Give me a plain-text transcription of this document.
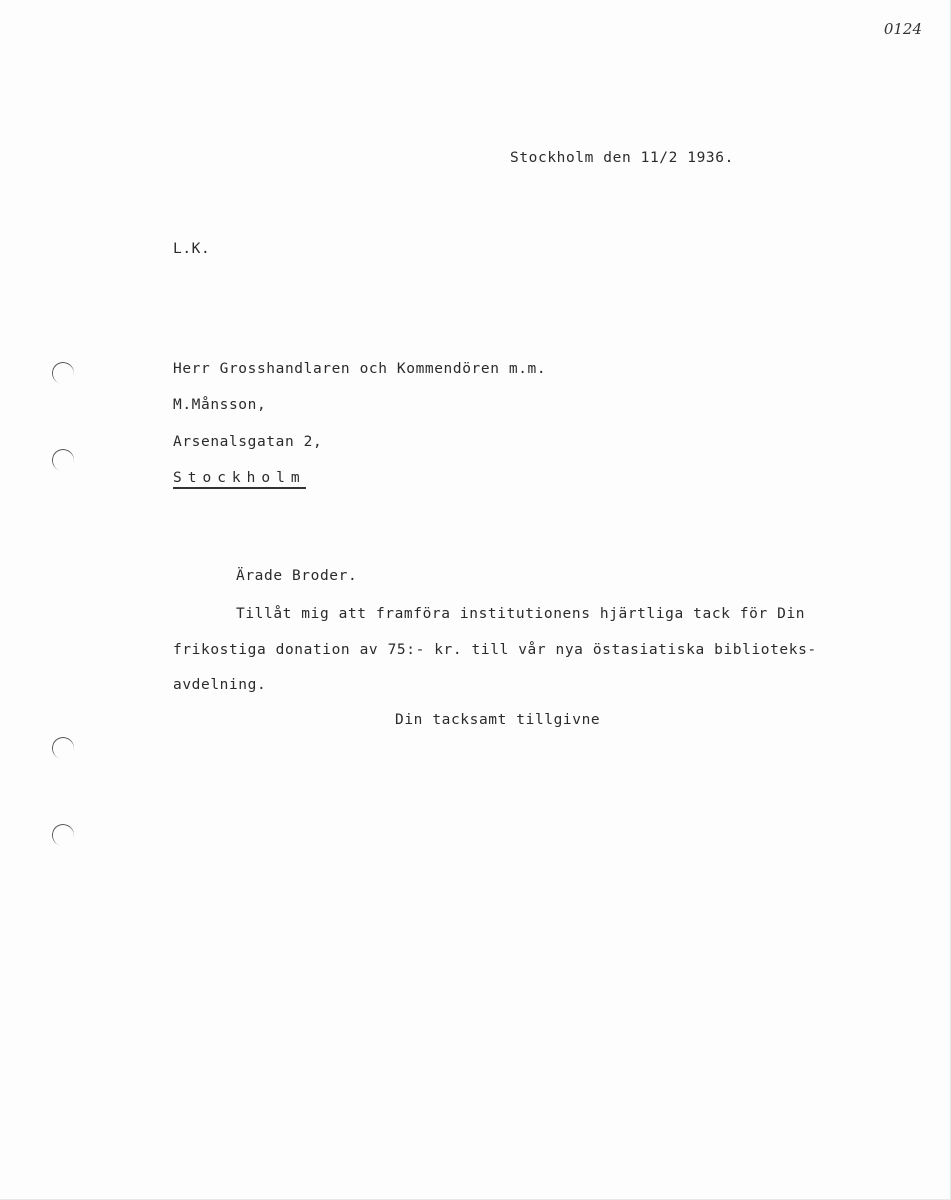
0124
Stockholm den 11/2 1936.
L.K.
Herr Grosshandlaren och Kommendören m.m.
M.Månsson,
Arsenalsgatan 2,
Stockholm
Ärade Broder.
Tillåt mig att framföra institutionens hjärtliga tack för Din
frikostiga donation av 75:- kr. till vår nya östasiatiska biblioteks-
avdelning.
Din tacksamt tillgivne
